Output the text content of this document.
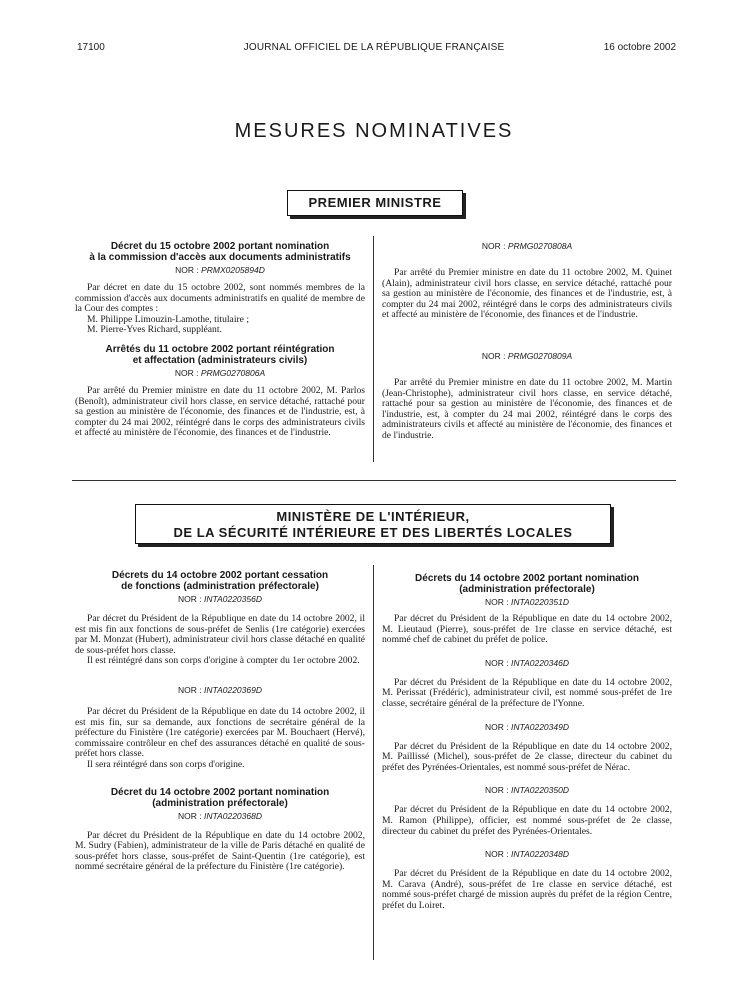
17100	JOURNAL OFFICIEL DE LA RÉPUBLIQUE FRANÇAISE	16 octobre 2002
MESURES NOMINATIVES
PREMIER MINISTRE
Décret du 15 octobre 2002 portant nomination
à la commission d'accès aux documents administratifs
NOR : PRMX0205894D

Par décret en date du 15 octobre 2002, sont nommés membres de la commission d'accès aux documents administratifs en qualité de membre de la Cour des comptes :

M. Philippe Limouzin-Lamothe, titulaire ;

M. Pierre-Yves Richard, suppléant.

Arrêtés du 11 octobre 2002 portant réintégration
et affectation (administrateurs civils)
NOR : PRMG0270806A

Par arrêté du Premier ministre en date du 11 octobre 2002, M. Parlos (Benoît), administrateur civil hors classe, en service détaché, rattaché pour sa gestion au ministère de l'économie, des finances et de l'industrie, est, à compter du 24 mai 2002, réintégré dans le corps des administrateurs civils et affecté au ministère de l'économie, des finances et de l'industrie.

NOR : PRMG0270808A

Par arrêté du Premier ministre en date du 11 octobre 2002, M. Quinet (Alain), administrateur civil hors classe, en service détaché, rattaché pour sa gestion au ministère de l'économie, des finances et de l'industrie, est, à compter du 24 mai 2002, réintégré dans le corps des administrateurs civils et affecté au ministère de l'économie, des finances et de l'industrie.

NOR : PRMG0270809A

Par arrêté du Premier ministre en date du 11 octobre 2002, M. Martin (Jean-Christophe), administrateur civil hors classe, en service détaché, rattaché pour sa gestion au ministère de l'économie, des finances et de l'industrie, est, à compter du 24 mai 2002, réintégré dans le corps des administrateurs civils et affecté au ministère de l'économie, des finances et de l'industrie.

MINISTÈRE DE L'INTÉRIEUR,
DE LA SÉCURITÉ INTÉRIEURE ET DES LIBERTÉS LOCALES
Décrets du 14 octobre 2002 portant cessation
de fonctions (administration préfectorale)
NOR : INTA0220356D

Par décret du Président de la République en date du 14 octobre 2002, il est mis fin aux fonctions de sous-préfet de Senlis (1re catégorie) exercées par M. Monzat (Hubert), administrateur civil hors classe détaché en qualité de sous-préfet hors classe.

Il est réintégré dans son corps d'origine à compter du 1er octobre 2002.

NOR : INTA0220369D

Par décret du Président de la République en date du 14 octobre 2002, il est mis fin, sur sa demande, aux fonctions de secrétaire général de la préfecture du Finistère (1re catégorie) exercées par M. Bouchaert (Hervé), commissaire contrôleur en chef des assurances détaché en qualité de sous-préfet hors classe.

Il sera réintégré dans son corps d'origine.

Décret du 14 octobre 2002 portant nomination
(administration préfectorale)
NOR : INTA0220368D

Par décret du Président de la République en date du 14 octobre 2002, M. Sudry (Fabien), administrateur de la ville de Paris détaché en qualité de sous-préfet hors classe, sous-préfet de Saint-Quentin (1re catégorie), est nommé secrétaire général de la préfecture du Finistère (1re catégorie).

Décrets du 14 octobre 2002 portant nomination
(administration préfectorale)
NOR : INTA0220351D

Par décret du Président de la République en date du 14 octobre 2002, M. Lieutaud (Pierre), sous-préfet de 1re classe en service détaché, est nommé chef de cabinet du préfet de police.

NOR : INTA0220346D

Par décret du Président de la République en date du 14 octobre 2002, M. Perissat (Frédéric), administrateur civil, est nommé sous-préfet de 1re classe, secrétaire général de la préfecture de l'Yonne.

NOR : INTA0220349D

Par décret du Président de la République en date du 14 octobre 2002, M. Paillissé (Michel), sous-préfet de 2e classe, directeur du cabinet du préfet des Pyrénées-Orientales, est nommé sous-préfet de Nérac.

NOR : INTA0220350D

Par décret du Président de la République en date du 14 octobre 2002, M. Ramon (Philippe), officier, est nommé sous-préfet de 2e classe, directeur du cabinet du préfet des Pyrénées-Orientales.

NOR : INTA0220348D

Par décret du Président de la République en date du 14 octobre 2002, M. Carava (André), sous-préfet de 1re classe en service détaché, est nommé sous-préfet chargé de mission auprès du préfet de la région Centre, préfet du Loiret.
